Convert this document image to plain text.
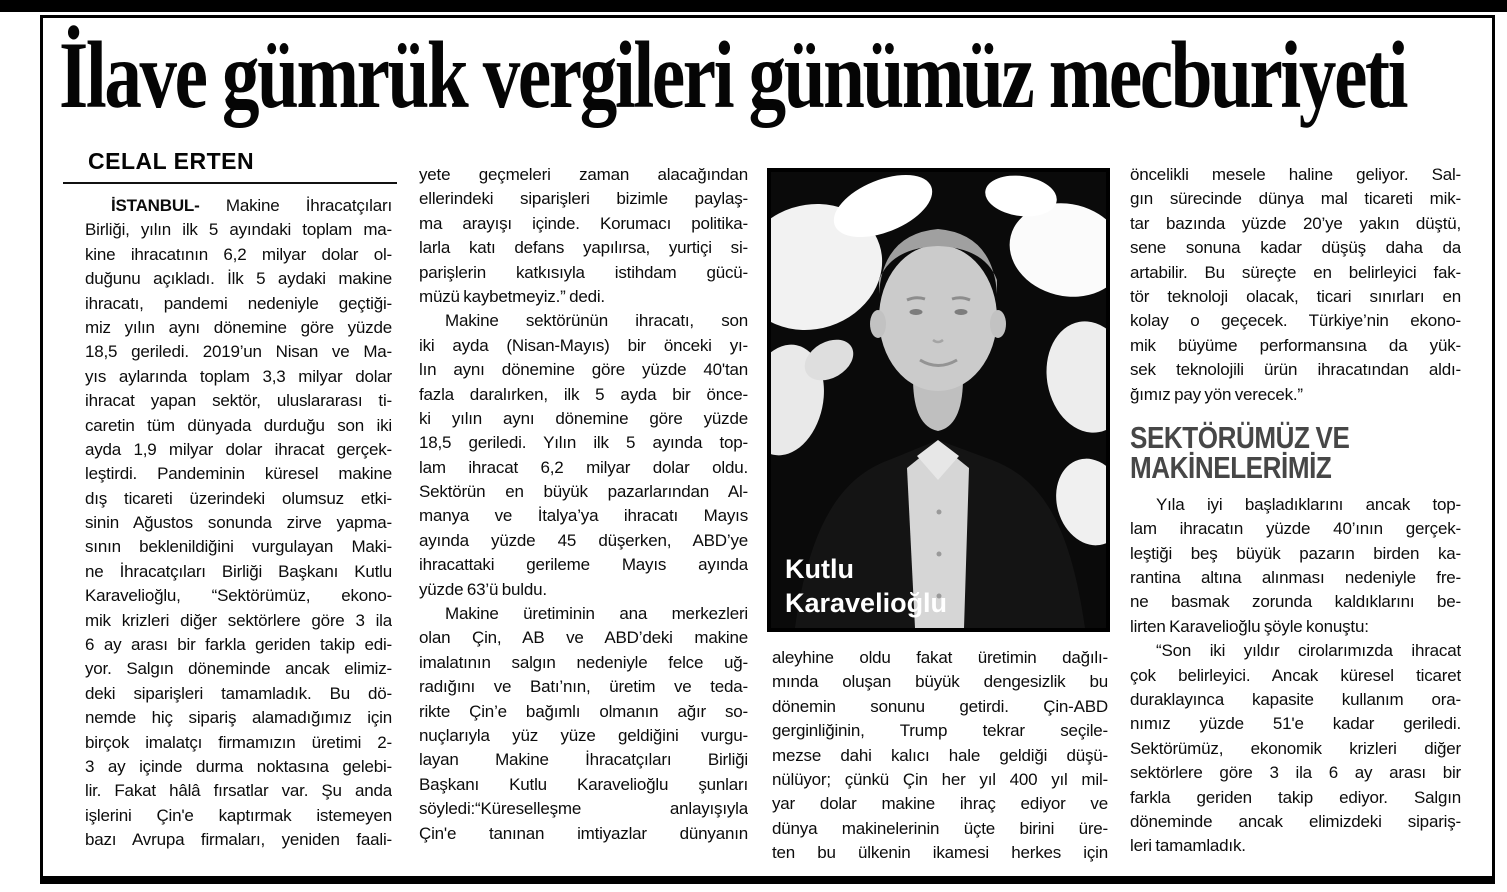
İlave gümrük vergileri günümüz mecburiyeti
CELAL ERTEN
İSTANBUL- Makine İhracatçıları
Birliği, yılın ilk 5 ayındaki toplam ma-
kine ihracatının 6,2 milyar dolar ol-
duğunu açıkladı. İlk 5 aydaki makine
ihracatı, pandemi nedeniyle geçtiği-
miz yılın aynı dönemine göre yüzde
18,5 geriledi. 2019’un Nisan ve Ma-
yıs aylarında toplam 3,3 milyar dolar
ihracat yapan sektör, uluslararası ti-
caretin tüm dünyada durduğu son iki
ayda 1,9 milyar dolar ihracat gerçek-
leştirdi. Pandeminin küresel makine
dış ticareti üzerindeki olumsuz etki-
sinin Ağustos sonunda zirve yapma-
sının beklenildiğini vurgulayan Maki-
ne İhracatçıları Birliği Başkanı Kutlu
Karavelioğlu, “Sektörümüz, ekono-
mik krizleri diğer sektörlere göre 3 ila
6 ay arası bir farkla geriden takip edi-
yor. Salgın döneminde ancak elimiz-
deki siparişleri tamamladık. Bu dö-
nemde hiç sipariş alamadığımız için
birçok imalatçı firmamızın üretimi 2-
3 ay içinde durma noktasına gelebi-
lir. Fakat hâlâ fırsatlar var. Şu anda
işlerini Çin'e kaptırmak istemeyen
bazı Avrupa firmaları, yeniden faali-
yete geçmeleri zaman alacağından
ellerindeki siparişleri bizimle paylaş-
ma arayışı içinde. Korumacı politika-
larla katı defans yapılırsa, yurtiçi si-
parişlerin katkısıyla istihdam gücü-
müzü kaybetmeyiz.” dedi.
Makine sektörünün ihracatı, son
iki ayda (Nisan-Mayıs) bir önceki yı-
lın aynı dönemine göre yüzde 40'tan
fazla daralırken, ilk 5 ayda bir önce-
ki yılın aynı dönemine göre yüzde
18,5 geriledi. Yılın ilk 5 ayında top-
lam ihracat 6,2 milyar dolar oldu.
Sektörün en büyük pazarlarından Al-
manya ve İtalya’ya ihracatı Mayıs
ayında yüzde 45 düşerken, ABD’ye
ihracattaki gerileme Mayıs ayında
yüzde 63’ü buldu.
Makine üretiminin ana merkezleri
olan Çin, AB ve ABD’deki makine
imalatının salgın nedeniyle felce uğ-
radığını ve Batı’nın, üretim ve teda-
rikte Çin’e bağımlı olmanın ağır so-
nuçlarıyla yüz yüze geldiğini vurgu-
layan Makine İhracatçıları Birliği
Başkanı Kutlu Karavelioğlu şunları
söyledi:“Küreselleşme anlayışıyla
Çin'e tanınan imtiyazlar dünyanın
Kutlu
Karavelioğlu
aleyhine oldu fakat üretimin dağılı-
mında oluşan büyük dengesizlik bu
dönemin sonunu getirdi. Çin-ABD
gerginliğinin, Trump tekrar seçile-
mezse dahi kalıcı hale geldiği düşü-
nülüyor; çünkü Çin her yıl 400 yıl mil-
yar dolar makine ihraç ediyor ve
dünya makinelerinin üçte birini üre-
ten bu ülkenin ikamesi herkes için
öncelikli mesele haline geliyor. Sal-
gın sürecinde dünya mal ticareti mik-
tar bazında yüzde 20’ye yakın düştü,
sene sonuna kadar düşüş daha da
artabilir. Bu süreçte en belirleyici fak-
tör teknoloji olacak, ticari sınırları en
kolay o geçecek. Türkiye’nin ekono-
mik büyüme performansına da yük-
sek teknolojili ürün ihracatından aldı-
ğımız pay yön verecek.”
SEKTÖRÜMÜZ VE
MAKİNELERİMİZ
Yıla iyi başladıklarını ancak top-
lam ihracatın yüzde 40’ının gerçek-
leştiği beş büyük pazarın birden ka-
rantina altına alınması nedeniyle fre-
ne basmak zorunda kaldıklarını be-
lirten Karavelioğlu şöyle konuştu:
“Son iki yıldır cirolarımızda ihracat
çok belirleyici. Ancak küresel ticaret
duraklayınca kapasite kullanım ora-
nımız yüzde 51'e kadar geriledi.
Sektörümüz, ekonomik krizleri diğer
sektörlere göre 3 ila 6 ay arası bir
farkla geriden takip ediyor. Salgın
döneminde ancak elimizdeki sipariş-
leri tamamladık.
